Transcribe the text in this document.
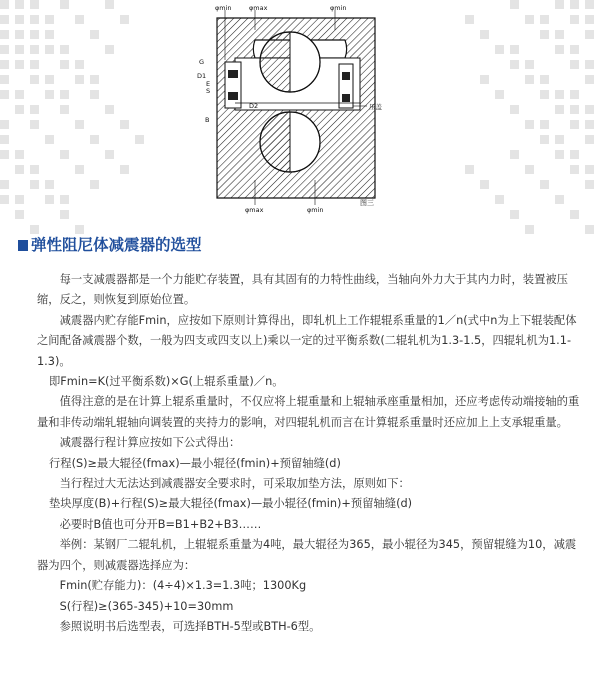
φmin	φmax	φmin
G
D1
E
S
D2
B
压盖
φmax	φmin
图三
弹性阻尼体减震器的选型

每一支减震器都是一个力能贮存装置，具有其固有的力特性曲线，当轴向外力大于其内力时，装置被压缩，反之，则恢复到原始位置。

减震器内贮存能Fmin，应按如下原则计算得出，即轧机上工作辊辊系重量的1／n(式中n为上下辊装配体之间配备减震器个数，一般为四支或四支以上)乘以一定的过平衡系数(二辊轧机为1.3-1.5，四辊轧机为1.1-1.3)。

即Fmin=K(过平衡系数)×G(上辊系重量)／n。

值得注意的是在计算上辊系重量时，不仅应将上辊重量和上辊轴承座重量相加，还应考虑传动端接轴的重量和非传动端轧辊轴向调装置的夹持力的影响，对四辊轧机而言在计算辊系重量时还应加上上支承辊重量。

减震器行程计算应按如下公式得出：

行程(S)≥最大辊径(fmax)—最小辊径(fmin)+预留轴缝(d)

当行程过大无法达到减震器安全要求时，可采取加垫方法，原则如下：

垫块厚度(B)+行程(S)≥最大辊径(fmax)—最小辊径(fmin)+预留轴缝(d)

必要时B值也可分开B=B1+B2+B3……

举例：某钢厂二辊轧机，上辊辊系重量为4吨，最大辊径为365，最小辊径为345，预留辊缝为10，减震器为四个，则减震器选择应为：

Fmin(贮存能力)：(4÷4)×1.3=1.3吨；1300Kg

S(行程)≥(365-345)+10=30mm

参照说明书后选型表，可选择BTH-5型或BTH-6型。
